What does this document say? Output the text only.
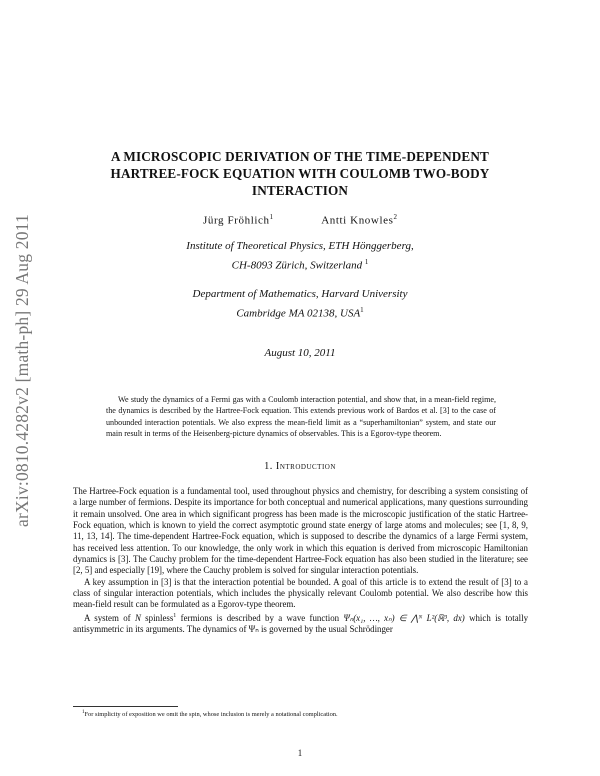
arXiv:0810.4282v2 [math-ph] 29 Aug 2011
A MICROSCOPIC DERIVATION OF THE TIME-DEPENDENT
HARTREE-FOCK EQUATION WITH COULOMB TWO-BODY
INTERACTION
Jürg Fröhlich$^1$	Antti Knowles$^2$
Institute of Theoretical Physics, ETH Hönggerberg,
CH-8093 Zürich, Switzerland $^1$
Department of Mathematics, Harvard University
Cambridge MA 02138, USA$^1$
August 10, 2011

We study the dynamics of a Fermi gas with a Coulomb interaction potential, and show that, in a mean-field regime, the dynamics is described by the Hartree-Fock equation. This extends previous work of Bardos et al. [3] to the case of unbounded interaction potentials. We also express the mean-field limit as a “superhamiltonian” system, and state our main result in terms of the Heisenberg-picture dynamics of observables. This is a Egorov-type theorem.

1. Introduction

The Hartree-Fock equation is a fundamental tool, used throughout physics and chemistry, for describing a system consisting of a large number of fermions. Despite its importance for both conceptual and numerical applications, many questions surrounding it remain unsolved. One area in which significant progress has been made is the microscopic justification of the static Hartree-Fock equation, which is known to yield the correct asymptotic ground state energy of large atoms and molecules; see [1, 8, 9, 11, 13, 14]. The time-dependent Hartree-Fock equation, which is supposed to describe the dynamics of a large Fermi system, has received less attention. To our knowledge, the only work in which this equation is derived from microscopic Hamiltonian dynamics is [3]. The Cauchy problem for the time-dependent Hartree-Fock equation has also been studied in the literature; see [2, 5] and especially [19], where the Cauchy problem is solved for singular interaction potentials.

A key assumption in [3] is that the interaction potential be bounded. A goal of this article is to extend the result of [3] to a class of singular interaction potentials, which includes the physically relevant Coulomb potential. We also describe how this mean-field result can be formulated as a Egorov-type theorem.

A system of N spinless$^1$ fermions is described by a wave function Ψₙ(x₁, …, xₙ) ∈ ⋀ᴺ L²(ℝ³, dx) which is totally antisymmetric in its arguments. The dynamics of Ψₙ is governed by the usual Schrödinger

$^1$For simplicity of exposition we omit the spin, whose inclusion is merely a notational complication.
1
